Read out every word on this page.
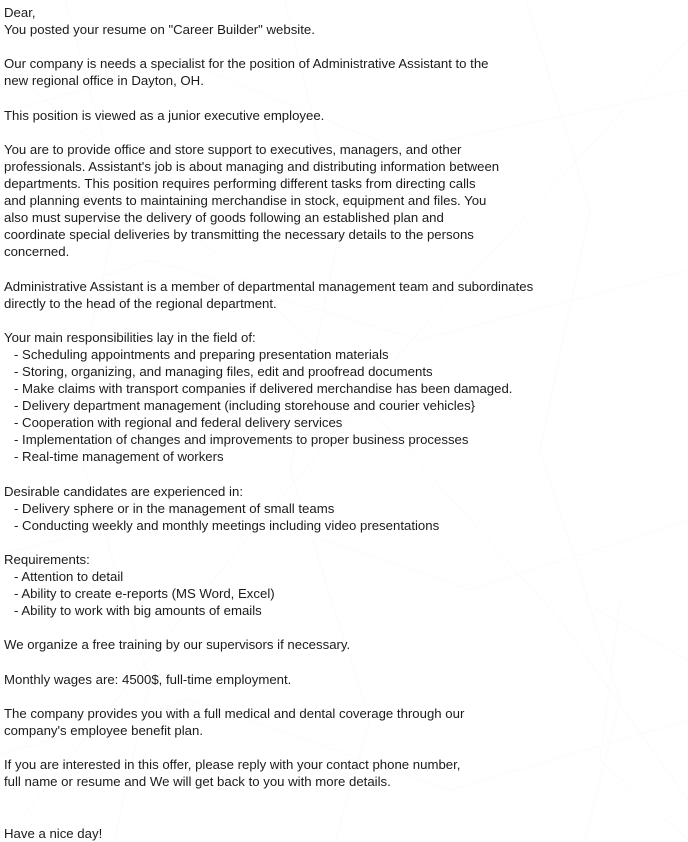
Dear,
You posted your resume on "Career Builder" website.
Our company is needs a specialist for the position of Administrative Assistant to the
new regional office in Dayton, OH.
This position is viewed as a junior executive employee.
You are to provide office and store support to executives, managers, and other
professionals. Assistant's job is about managing and distributing information between
departments. This position requires performing different tasks from directing calls
and planning events to maintaining merchandise in stock, equipment and files. You
also must supervise the delivery of goods following an established plan and
coordinate special deliveries by transmitting the necessary details to the persons
concerned.
Administrative Assistant is a member of departmental management team and subordinates
directly to the head of the regional department.
Your main responsibilities lay in the field of:
- Scheduling appointments and preparing presentation materials
- Storing, organizing, and managing files, edit and proofread documents
- Make claims with transport companies if delivered merchandise has been damaged.
- Delivery department management (including storehouse and courier vehicles}
- Cooperation with regional and federal delivery services
- Implementation of changes and improvements to proper business processes
- Real-time management of workers
Desirable candidates are experienced in:
- Delivery sphere or in the management of small teams
- Conducting weekly and monthly meetings including video presentations
Requirements:
- Attention to detail
- Ability to create e-reports (MS Word, Excel)
- Ability to work with big amounts of emails
We organize a free training by our supervisors if necessary.
Monthly wages are: 4500$, full-time employment.
The company provides you with a full medical and dental coverage through our
company's employee benefit plan.
If you are interested in this offer, please reply with your contact phone number,
full name or resume and We will get back to you with more details.
Have a nice day!
